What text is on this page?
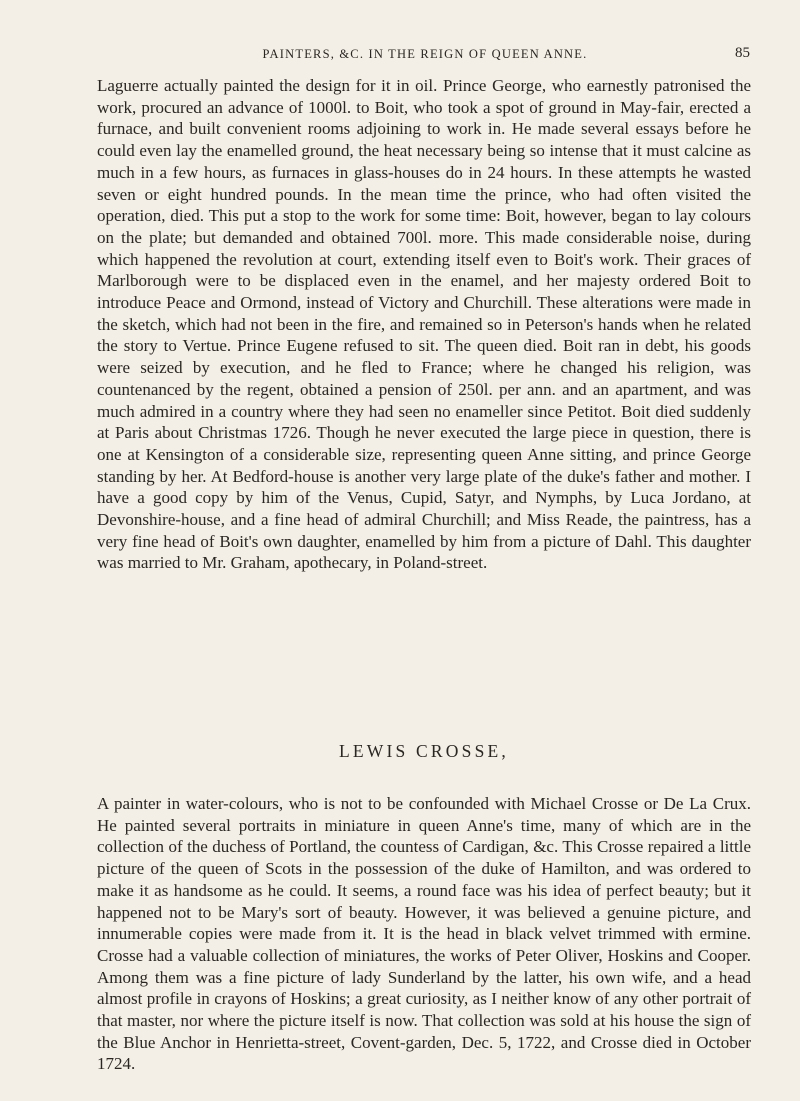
PAINTERS, &C. IN THE REIGN OF QUEEN ANNE.	85

Laguerre actually painted the design for it in oil. Prince George, who earnestly patronised the work, procured an advance of 1000l. to Boit, who took a spot of ground in May-fair, erected a furnace, and built convenient rooms adjoining to work in. He made several essays before he could even lay the enamelled ground, the heat necessary being so intense that it must calcine as much in a few hours, as furnaces in glass-houses do in 24 hours. In these attempts he wasted seven or eight hundred pounds. In the mean time the prince, who had often visited the operation, died. This put a stop to the work for some time: Boit, however, began to lay colours on the plate; but demanded and obtained 700l. more. This made considerable noise, during which happened the revolution at court, extending itself even to Boit's work. Their graces of Marlborough were to be displaced even in the enamel, and her majesty ordered Boit to introduce Peace and Ormond, instead of Victory and Churchill. These alterations were made in the sketch, which had not been in the fire, and remained so in Peterson's hands when he related the story to Vertue. Prince Eugene refused to sit. The queen died. Boit ran in debt, his goods were seized by execution, and he fled to France; where he changed his religion, was countenanced by the regent, obtained a pension of 250l. per ann. and an apartment, and was much admired in a country where they had seen no enameller since Petitot. Boit died suddenly at Paris about Christmas 1726. Though he never executed the large piece in question, there is one at Kensington of a considerable size, representing queen Anne sitting, and prince George standing by her. At Bedford-house is another very large plate of the duke's father and mother. I have a good copy by him of the Venus, Cupid, Satyr, and Nymphs, by Luca Jordano, at Devonshire-house, and a fine head of admiral Churchill; and Miss Reade, the paintress, has a very fine head of Boit's own daughter, enamelled by him from a picture of Dahl. This daughter was married to Mr. Graham, apothecary, in Poland-street.

LEWIS CROSSE,

A painter in water-colours, who is not to be confounded with Michael Crosse or De La Crux. He painted several portraits in miniature in queen Anne's time, many of which are in the collection of the duchess of Portland, the countess of Cardigan, &c. This Crosse repaired a little picture of the queen of Scots in the possession of the duke of Hamilton, and was ordered to make it as handsome as he could. It seems, a round face was his idea of perfect beauty; but it happened not to be Mary's sort of beauty. However, it was believed a genuine picture, and innumerable copies were made from it. It is the head in black velvet trimmed with ermine. Crosse had a valuable collection of miniatures, the works of Peter Oliver, Hoskins and Cooper. Among them was a fine picture of lady Sunderland by the latter, his own wife, and a head almost profile in crayons of Hoskins; a great curiosity, as I neither know of any other portrait of that master, nor where the picture itself is now. That collection was sold at his house the sign of the Blue Anchor in Henrietta-street, Covent-garden, Dec. 5, 1722, and Crosse died in October 1724.
